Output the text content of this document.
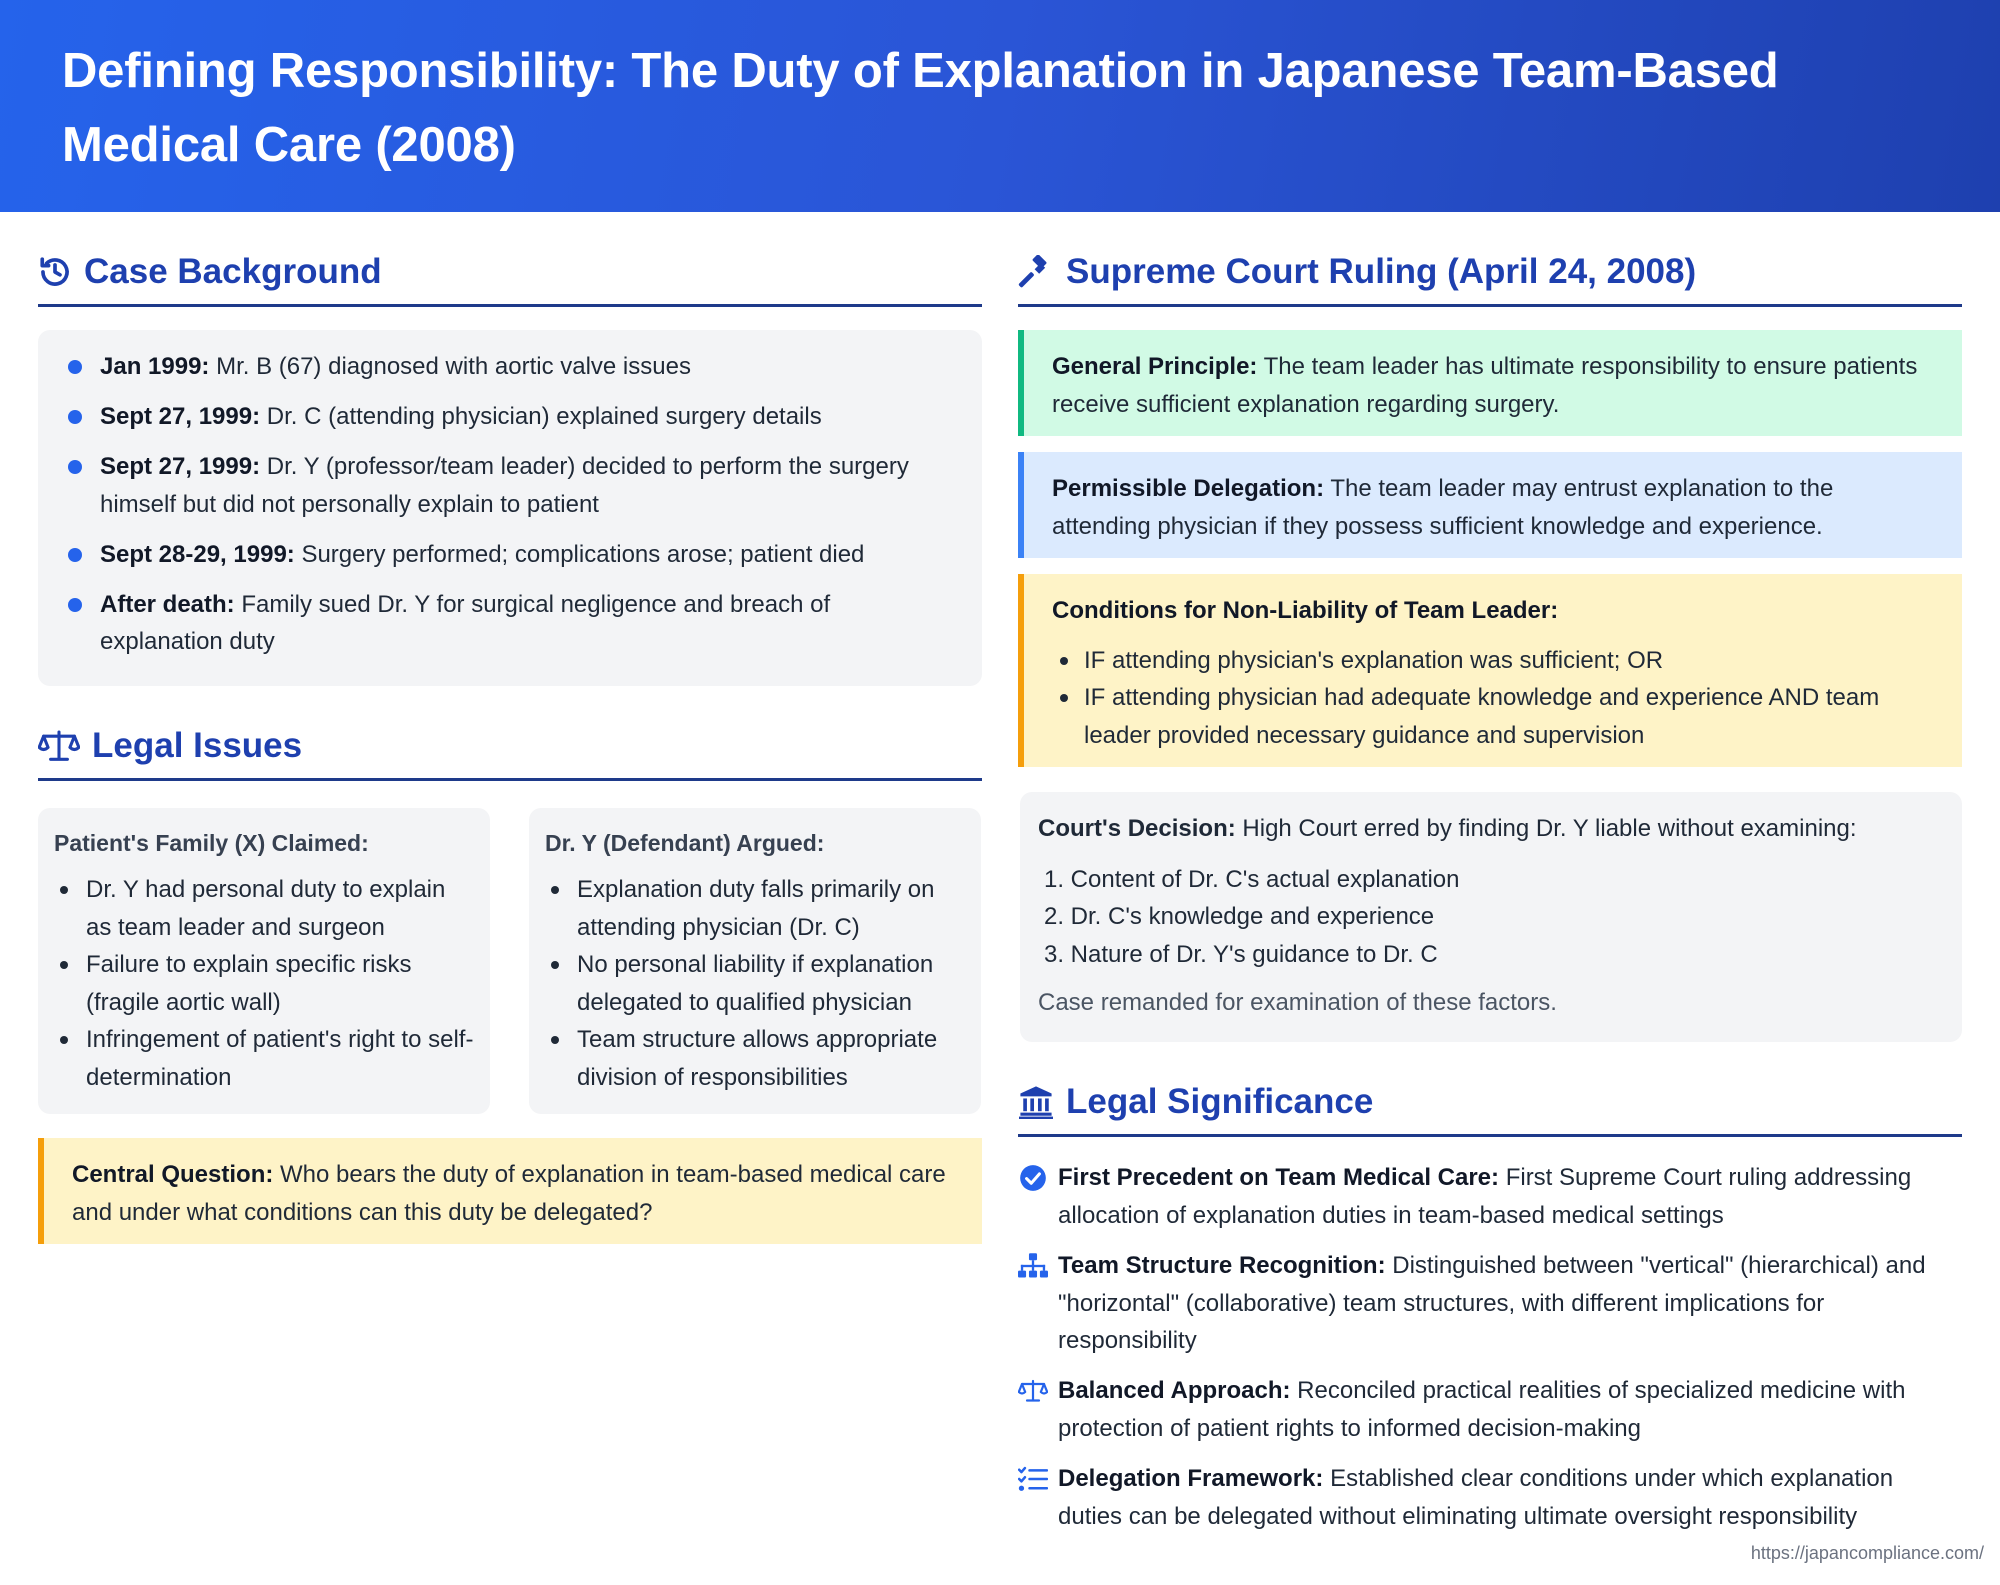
Defining Responsibility: The Duty of Explanation in Japanese Team-Based Medical Care (2008)
Case Background
Jan 1999: Mr. B (67) diagnosed with aortic valve issues
Sept 27, 1999: Dr. C (attending physician) explained surgery details
Sept 27, 1999: Dr. Y (professor/team leader) decided to perform the surgery himself but did not personally explain to patient
Sept 28-29, 1999: Surgery performed; complications arose; patient died
After death: Family sued Dr. Y for surgical negligence and breach of explanation duty
Legal Issues
Patient's Family (X) Claimed:
Dr. Y had personal duty to explain as team leader and surgeon
Failure to explain specific risks (fragile aortic wall)
Infringement of patient's right to self-determination
Dr. Y (Defendant) Argued:
Explanation duty falls primarily on attending physician (Dr. C)
No personal liability if explanation delegated to qualified physician
Team structure allows appropriate division of responsibilities
Central Question: Who bears the duty of explanation in team-based medical care and under what conditions can this duty be delegated?
Supreme Court Ruling (April 24, 2008)
General Principle: The team leader has ultimate responsibility to ensure patients receive sufficient explanation regarding surgery.
Permissible Delegation: The team leader may entrust explanation to the attending physician if they possess sufficient knowledge and experience.
Conditions for Non-Liability of Team Leader:
IF attending physician's explanation was sufficient; OR
IF attending physician had adequate knowledge and experience AND team leader provided necessary guidance and supervision
Court's Decision: High Court erred by finding Dr. Y liable without examining:
1. Content of Dr. C's actual explanation
2. Dr. C's knowledge and experience
3. Nature of Dr. Y's guidance to Dr. C
Case remanded for examination of these factors.
Legal Significance
First Precedent on Team Medical Care: First Supreme Court ruling addressing allocation of explanation duties in team-based medical settings
Team Structure Recognition: Distinguished between "vertical" (hierarchical) and "horizontal" (collaborative) team structures, with different implications for responsibility
Balanced Approach: Reconciled practical realities of specialized medicine with protection of patient rights to informed decision-making
Delegation Framework: Established clear conditions under which explanation duties can be delegated without eliminating ultimate oversight responsibility
https://japancompliance.com/
